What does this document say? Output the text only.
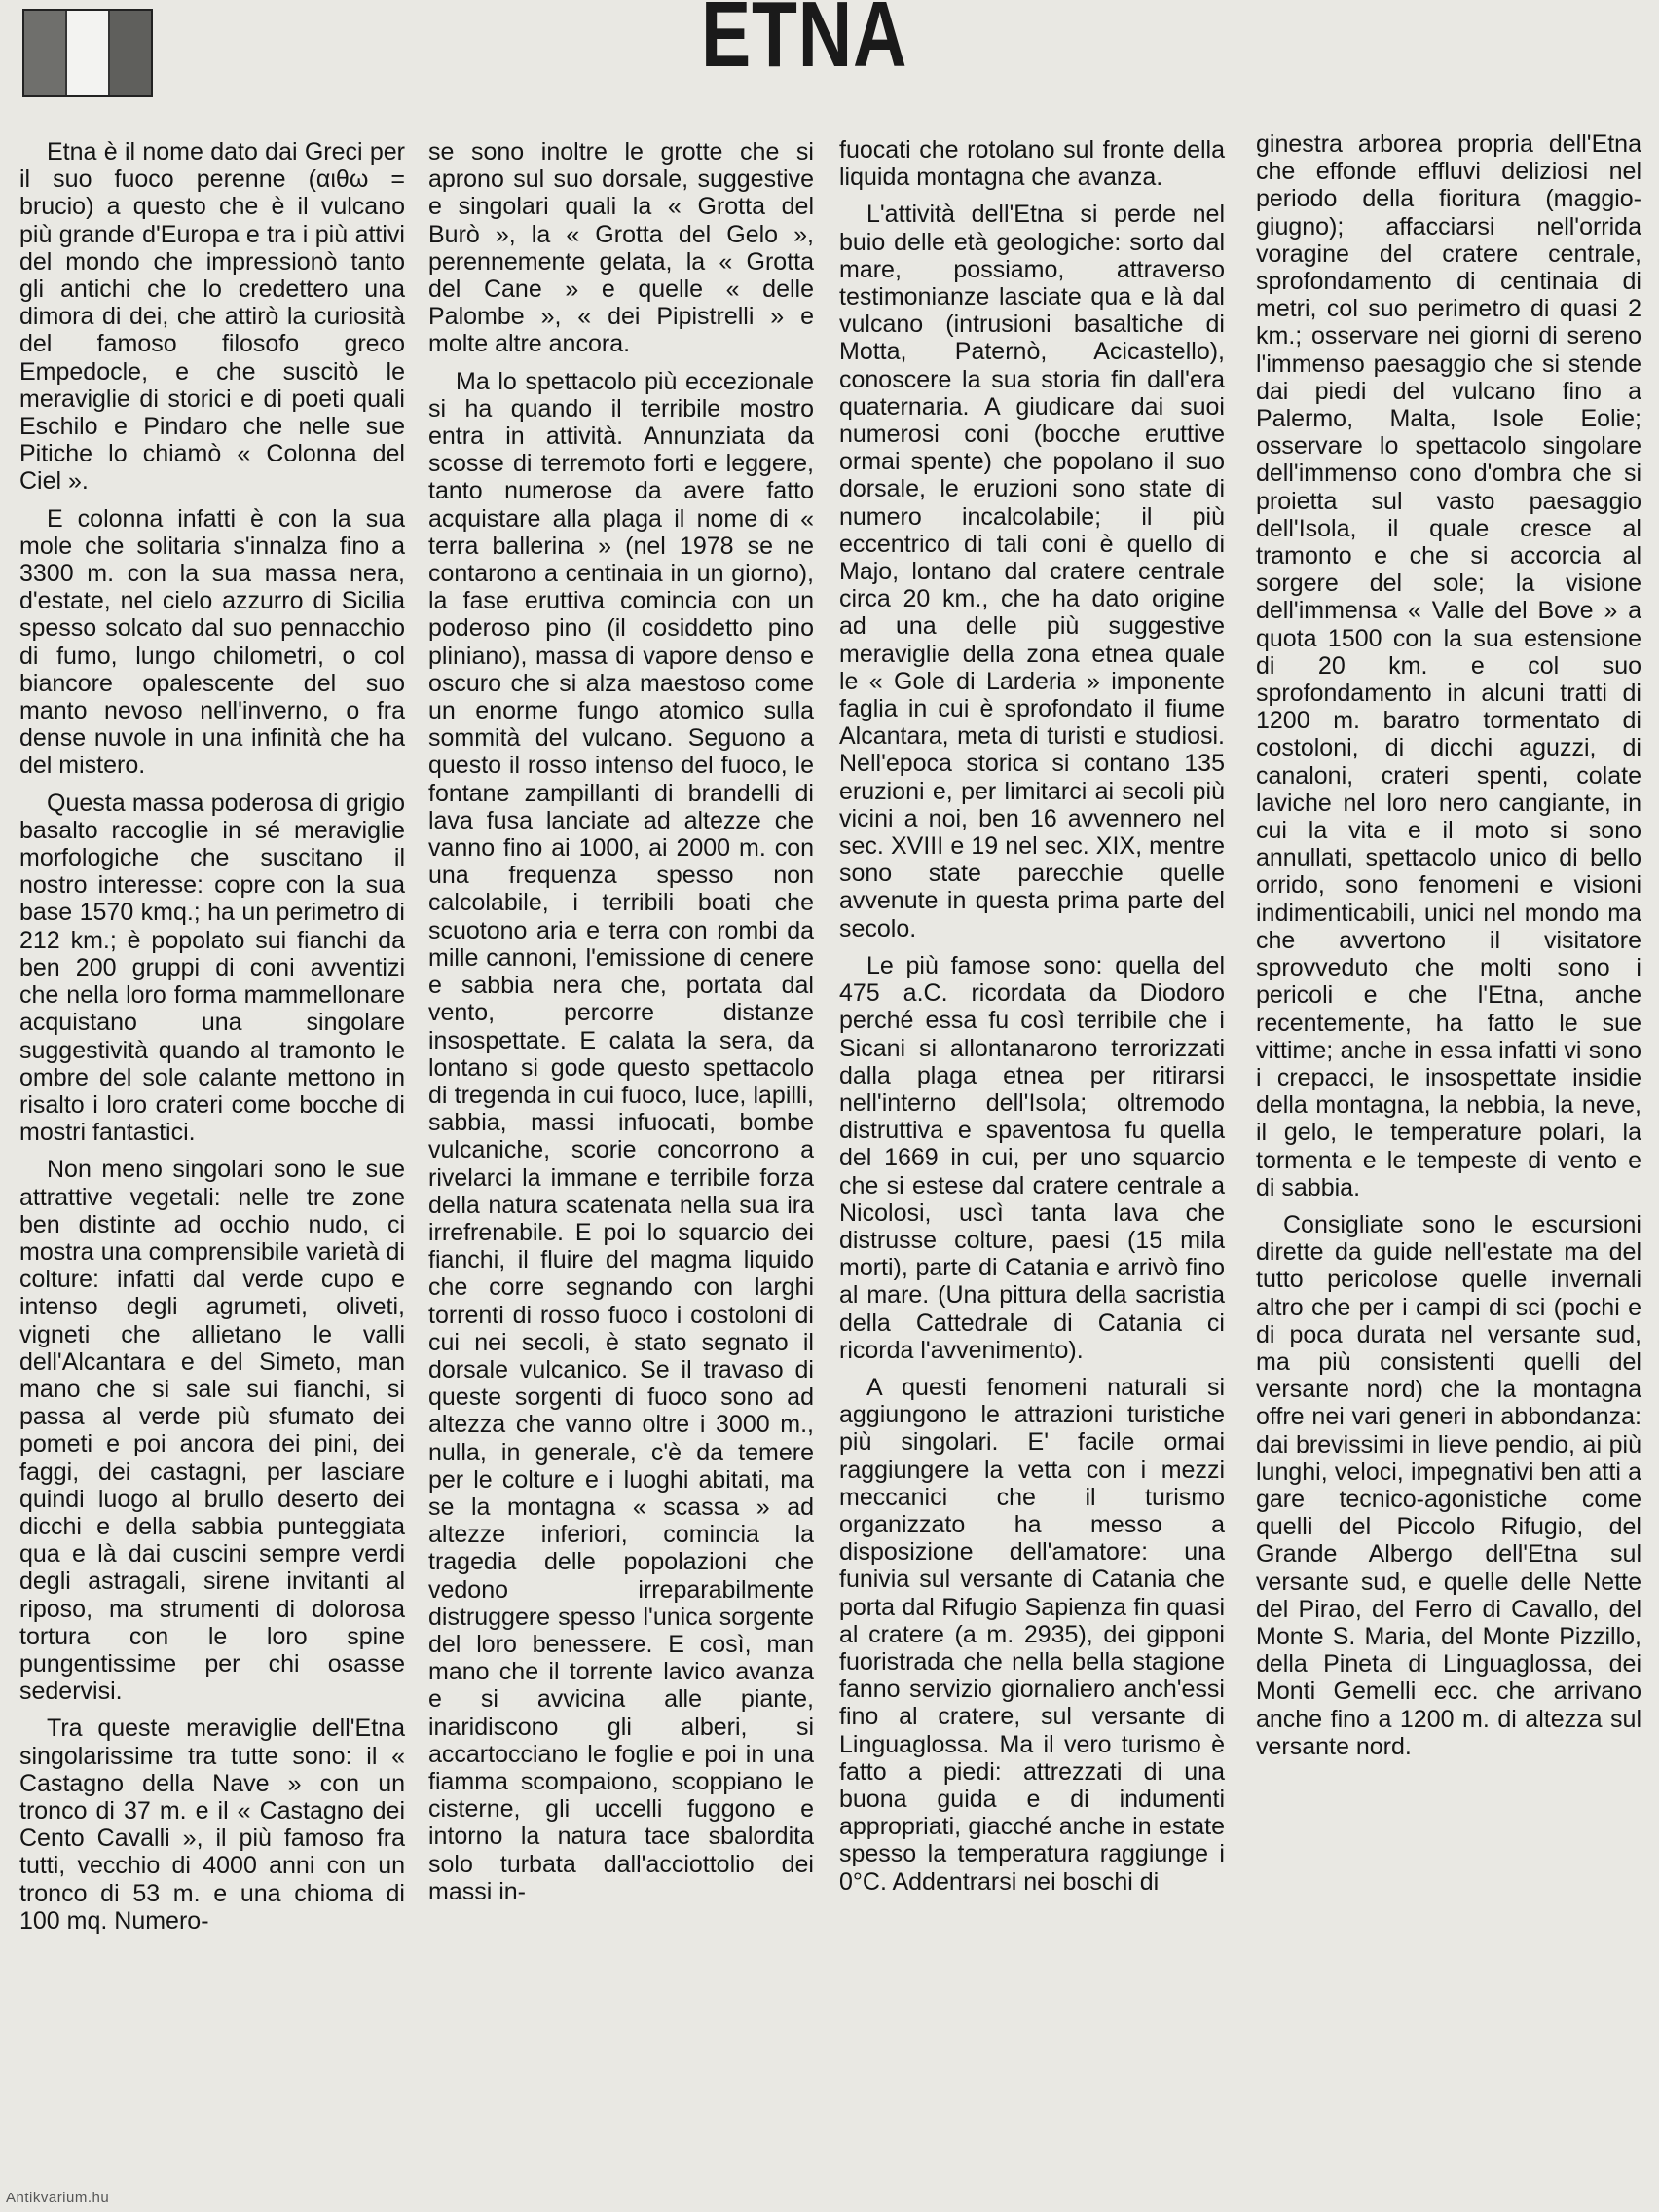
ETNA

Etna è il nome dato dai Greci per il suo fuoco perenne (αιθω = brucio) a questo che è il vulcano più grande d'Europa e tra i più attivi del mondo che impressionò tanto gli antichi che lo credettero una dimora di dei, che attirò la curiosità del famoso filosofo greco Empedocle, e che suscitò le meraviglie di storici e di poeti quali Eschilo e Pindaro che nelle sue Pitiche lo chiamò « Colonna del Ciel ».

E colonna infatti è con la sua mole che solitaria s'innalza fino a 3300 m. con la sua massa nera, d'estate, nel cielo azzurro di Sicilia spesso solcato dal suo pennacchio di fumo, lungo chilometri, o col biancore opalescente del suo manto nevoso nell'inverno, o fra dense nuvole in una infinità che ha del mistero.

Questa massa poderosa di grigio basalto raccoglie in sé meraviglie morfologiche che suscitano il nostro interesse: copre con la sua base 1570 kmq.; ha un perimetro di 212 km.; è popolato sui fianchi da ben 200 gruppi di coni avventizi che nella loro forma mammellonare acquistano una singolare suggestività quando al tramonto le ombre del sole calante mettono in risalto i loro crateri come bocche di mostri fantastici.

Non meno singolari sono le sue attrattive vegetali: nelle tre zone ben distinte ad occhio nudo, ci mostra una comprensibile varietà di colture: infatti dal verde cupo e intenso degli agrumeti, oliveti, vigneti che allietano le valli dell'Alcantara e del Simeto, man mano che si sale sui fianchi, si passa al verde più sfumato dei pometi e poi ancora dei pini, dei faggi, dei castagni, per lasciare quindi luogo al brullo deserto dei dicchi e della sabbia punteggiata qua e là dai cuscini sempre verdi degli astragali, sirene invitanti al riposo, ma strumenti di dolorosa tortura con le loro spine pungentissime per chi osasse sedervisi.

Tra queste meraviglie dell'Etna singolarissime tra tutte sono: il « Castagno della Nave » con un tronco di 37 m. e il « Castagno dei Cento Cavalli », il più famoso fra tutti, vecchio di 4000 anni con un tronco di 53 m. e una chioma di 100 mq. Numero-

se sono inoltre le grotte che si aprono sul suo dorsale, suggestive e singolari quali la « Grotta del Burò », la « Grotta del Gelo », perennemente gelata, la « Grotta del Cane » e quelle « delle Palombe », « dei Pipistrelli » e molte altre ancora.

Ma lo spettacolo più eccezionale si ha quando il terribile mostro entra in attività. Annunziata da scosse di terremoto forti e leggere, tanto numerose da avere fatto acquistare alla plaga il nome di « terra ballerina » (nel 1978 se ne contarono a centinaia in un giorno), la fase eruttiva comincia con un poderoso pino (il cosiddetto pino pliniano), massa di vapore denso e oscuro che si alza maestoso come un enorme fungo atomico sulla sommità del vulcano. Seguono a questo il rosso intenso del fuoco, le fontane zampillanti di brandelli di lava fusa lanciate ad altezze che vanno fino ai 1000, ai 2000 m. con una frequenza spesso non calcolabile, i terribili boati che scuotono aria e terra con rombi da mille cannoni, l'emissione di cenere e sabbia nera che, portata dal vento, percorre distanze insospettate. E calata la sera, da lontano si gode questo spettacolo di tregenda in cui fuoco, luce, lapilli, sabbia, massi infuocati, bombe vulcaniche, scorie concorrono a rivelarci la immane e terribile forza della natura scatenata nella sua ira irrefrenabile. E poi lo squarcio dei fianchi, il fluire del magma liquido che corre segnando con larghi torrenti di rosso fuoco i costoloni di cui nei secoli, è stato segnato il dorsale vulcanico. Se il travaso di queste sorgenti di fuoco sono ad altezza che vanno oltre i 3000 m., nulla, in generale, c'è da temere per le colture e i luoghi abitati, ma se la montagna « scassa » ad altezze inferiori, comincia la tragedia delle popolazioni che vedono irreparabilmente distruggere spesso l'unica sorgente del loro benessere. E così, man mano che il torrente lavico avanza e si avvicina alle piante, inaridiscono gli alberi, si accartocciano le foglie e poi in una fiamma scompaiono, scoppiano le cisterne, gli uccelli fuggono e intorno la natura tace sbalordita solo turbata dall'acciottolio dei massi in-

fuocati che rotolano sul fronte della liquida montagna che avanza.

L'attività dell'Etna si perde nel buio delle età geologiche: sorto dal mare, possiamo, attraverso testimonianze lasciate qua e là dal vulcano (intrusioni basaltiche di Motta, Paternò, Acicastello), conoscere la sua storia fin dall'era quaternaria. A giudicare dai suoi numerosi coni (bocche eruttive ormai spente) che popolano il suo dorsale, le eruzioni sono state di numero incalcolabile; il più eccentrico di tali coni è quello di Majo, lontano dal cratere centrale circa 20 km., che ha dato origine ad una delle più suggestive meraviglie della zona etnea quale le « Gole di Larderia » imponente faglia in cui è sprofondato il fiume Alcantara, meta di turisti e studiosi. Nell'epoca storica si contano 135 eruzioni e, per limitarci ai secoli più vicini a noi, ben 16 avvennero nel sec. XVIII e 19 nel sec. XIX, mentre sono state parecchie quelle avvenute in questa prima parte del secolo.

Le più famose sono: quella del 475 a.C. ricordata da Diodoro perché essa fu così terribile che i Sicani si allontanarono terrorizzati dalla plaga etnea per ritirarsi nell'interno dell'Isola; oltremodo distruttiva e spaventosa fu quella del 1669 in cui, per uno squarcio che si estese dal cratere centrale a Nicolosi, uscì tanta lava che distrusse colture, paesi (15 mila morti), parte di Catania e arrivò fino al mare. (Una pittura della sacristia della Cattedrale di Catania ci ricorda l'avvenimento).

A questi fenomeni naturali si aggiungono le attrazioni turistiche più singolari. E' facile ormai raggiungere la vetta con i mezzi meccanici che il turismo organizzato ha messo a disposizione dell'amatore: una funivia sul versante di Catania che porta dal Rifugio Sapienza fin quasi al cratere (a m. 2935), dei gipponi fuoristrada che nella bella stagione fanno servizio giornaliero anch'essi fino al cratere, sul versante di Linguaglossa. Ma il vero turismo è fatto a piedi: attrezzati di una buona guida e di indumenti appropriati, giacché anche in estate spesso la temperatura raggiunge i 0°C. Addentrarsi nei boschi di

ginestra arborea propria dell'Etna che effonde effluvi deliziosi nel periodo della fioritura (maggio-giugno); affacciarsi nell'orrida voragine del cratere centrale, sprofondamento di centinaia di metri, col suo perimetro di quasi 2 km.; osservare nei giorni di sereno l'immenso paesaggio che si stende dai piedi del vulcano fino a Palermo, Malta, Isole Eolie; osservare lo spettacolo singolare dell'immenso cono d'ombra che si proietta sul vasto paesaggio dell'Isola, il quale cresce al tramonto e che si accorcia al sorgere del sole; la visione dell'immensa « Valle del Bove » a quota 1500 con la sua estensione di 20 km. e col suo sprofondamento in alcuni tratti di 1200 m. baratro tormentato di costoloni, di dicchi aguzzi, di canaloni, crateri spenti, colate laviche nel loro nero cangiante, in cui la vita e il moto si sono annullati, spettacolo unico di bello orrido, sono fenomeni e visioni indimenticabili, unici nel mondo ma che avvertono il visitatore sprovveduto che molti sono i pericoli e che l'Etna, anche recentemente, ha fatto le sue vittime; anche in essa infatti vi sono i crepacci, le insospettate insidie della montagna, la nebbia, la neve, il gelo, le temperature polari, la tormenta e le tempeste di vento e di sabbia.

Consigliate sono le escursioni dirette da guide nell'estate ma del tutto pericolose quelle invernali altro che per i campi di sci (pochi e di poca durata nel versante sud, ma più consistenti quelli del versante nord) che la montagna offre nei vari generi in abbondanza: dai brevissimi in lieve pendio, ai più lunghi, veloci, impegnativi ben atti a gare tecnico-agonistiche come quelli del Piccolo Rifugio, del Grande Albergo dell'Etna sul versante sud, e quelle delle Nette del Pirao, del Ferro di Cavallo, del Monte S. Maria, del Monte Pizzillo, della Pineta di Linguaglossa, dei Monti Gemelli ecc. che arrivano anche fino a 1200 m. di altezza sul versante nord.

Antikvarium.hu
